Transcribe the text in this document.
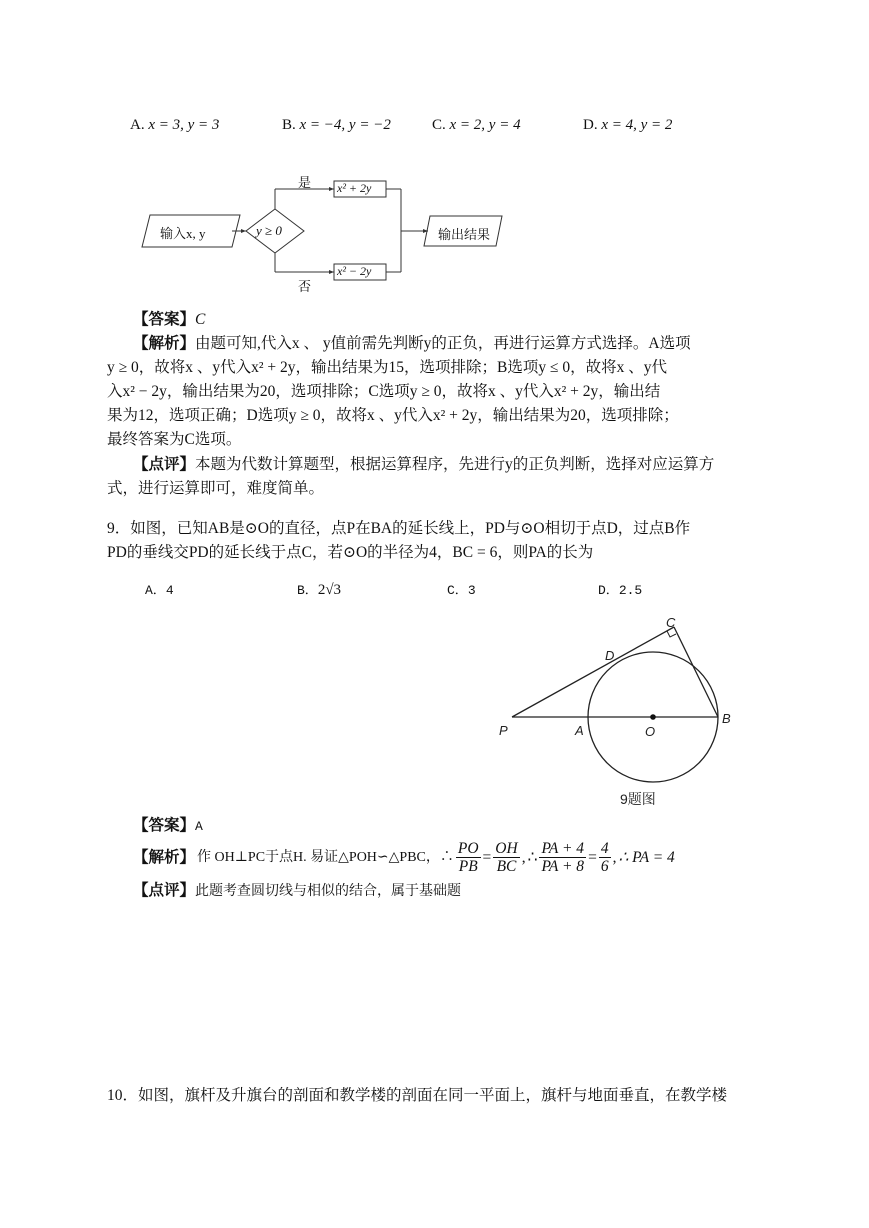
A. x = 3, y = 3	B. x = −4, y = −2	C. x = 2, y = 4	D. x = 4, y = 2
输入x, y	y ≥ 0
是
否
x² + 2y
x² − 2y
输出结果
【答案】C
【解析】由题可知,代入x 、 y值前需先判断y的正负，再进行运算方式选择。A选项
y ≥ 0，故将x 、y代入x² + 2y，输出结果为15，选项排除；B选项y ≤ 0，故将x 、y代
入x² − 2y，输出结果为20，选项排除；C选项y ≥ 0，故将x 、y代入x² + 2y，输出结
果为12，选项正确；D选项y ≥ 0，故将x 、y代入x² + 2y，输出结果为20，选项排除；
最终答案为C选项。
【点评】本题为代数计算题型，根据运算程序，先进行y的正负判断，选择对应运算方
式，进行运算即可，难度简单。
9．如图，已知AB是⊙O的直径，点P在BA的延长线上，PD与⊙O相切于点D，过点B作
PD的垂线交PD的延长线于点C，若⊙O的半径为4，BC = 6，则PA的长为
A．4	B．2√3	C．3	D．2.5
P	A	O
B
C
D
9题图
【答案】A
【解析】 作 OH⊥PC于点H. 易证△POH∽△PBC，∴ $\frac{PO}{PB} = \frac{OH}{BC}$ , ∴ $\frac{PA + 4}{PA + 8} = \frac{4}{6}$ , ∴ PA = 4
【点评】此题考查圆切线与相似的结合，属于基础题
10．如图，旗杆及升旗台的剖面和教学楼的剖面在同一平面上，旗杆与地面垂直，在教学楼
